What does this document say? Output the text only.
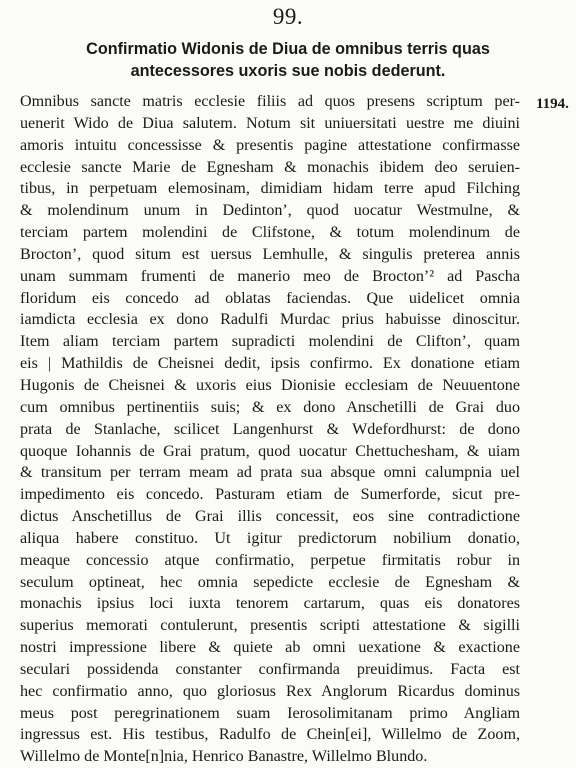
99.
Confirmatio Widonis de Diua de omnibus terris quas
antecessores uxoris sue nobis dederunt.
1194.
Omnibus sancte matris ecclesie filiis ad quos presens scriptum per-
uenerit Wido de Diua salutem. Notum sit uniuersitati uestre me diuini
amoris intuitu concessisse & presentis pagine attestatione confirmasse
ecclesie sancte Marie de Egnesham & monachis ibidem deo seruien-
tibus, in perpetuam elemosinam, dimidiam hidam terre apud Filching
& molendinum unum in Dedinton’, quod uocatur Westmulne, &
terciam partem molendini de Clifstone, & totum molendinum de
Brocton’, quod situm est uersus Lemhulle, & singulis preterea annis
unam summam frumenti de manerio meo de Brocton’² ad Pascha
floridum eis concedo ad oblatas faciendas. Que uidelicet omnia
iamdicta ecclesia ex dono Radulfi Murdac prius habuisse dinoscitur.
Item aliam terciam partem supradicti molendini de Clifton’, quam
eis | Mathildis de Cheisnei dedit, ipsis confirmo. Ex donatione etiam
Hugonis de Cheisnei & uxoris eius Dionisie ecclesiam de Neuuentone
cum omnibus pertinentiis suis; & ex dono Anschetilli de Grai duo
prata de Stanlache, scilicet Langenhurst & Wdefordhurst: de dono
quoque Iohannis de Grai pratum, quod uocatur Chettuchesham, & uiam
& transitum per terram meam ad prata sua absque omni calumpnia uel
impedimento eis concedo. Pasturam etiam de Sumerforde, sicut pre-
dictus Anschetillus de Grai illis concessit, eos sine contradictione
aliqua habere constituo. Ut igitur predictorum nobilium donatio,
meaque concessio atque confirmatio, perpetue firmitatis robur in
seculum optineat, hec omnia sepedicte ecclesie de Egnesham &
monachis ipsius loci iuxta tenorem cartarum, quas eis donatores
superius memorati contulerunt, presentis scripti attestatione & sigilli
nostri impressione libere & quiete ab omni uexatione & exactione
seculari possidenda constanter confirmanda preuidimus. Facta est
hec confirmatio anno, quo gloriosus Rex Anglorum Ricardus dominus
meus post peregrinationem suam Ierosolimitanam primo Angliam
ingressus est. His testibus, Radulfo de Chein[ei], Willelmo de Zoom,
Willelmo de Monte[n]nia, Henrico Banastre, Willelmo Blundo.
